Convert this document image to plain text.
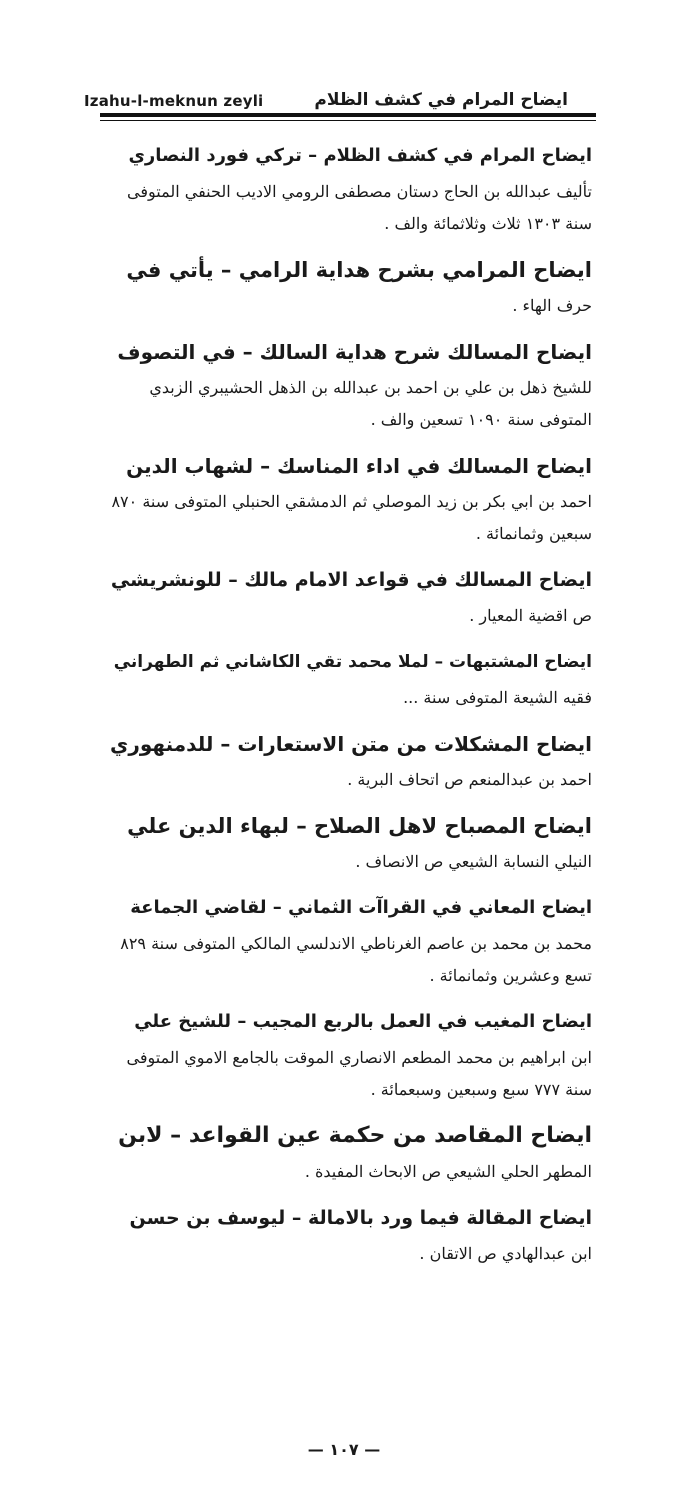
Izahu-l-meknun zeyli	ايضاح المرام في كشف الظلام
ايضاح المرام في كشف الظلام – تركي فورد النصاري
تأليف عبدالله بن الحاج دستان مصطفى الرومي الاديب الحنفي المتوفى سنة ١٣٠٣ ثلاث وثلاثمائة والف .
ايضاح المرامي بشرح هداية الرامي – يأتي في
حرف الهاء .
ايضاح المسالك شرح هداية السالك – في التصوف
للشيخ ذهل بن علي بن احمد بن عبدالله بن الذهل الحشيبري الزبدي المتوفى سنة ١٠٩٠ تسعين والف .
ايضاح المسالك في اداء المناسك – لشهاب الدين
احمد بن ابي بكر بن زيد الموصلي ثم الدمشقي الحنبلي المتوفى سنة ٨٧٠ سبعين وثمانمائة .
ايضاح المسالك في قواعد الامام مالك – للونشريشي
ص اقضية المعيار .
ايضاح المشتبهات – لملا محمد تقي الكاشاني ثم الطهراني
فقيه الشيعة المتوفى سنة ...
ايضاح المشكلات من متن الاستعارات – للدمنهوري
احمد بن عبدالمنعم ص اتحاف البرية .
ايضاح المصباح لاهل الصلاح – لبهاء الدين علي
النيلي النسابة الشيعي ص الانصاف .
ايضاح المعاني في القراآت الثماني – لقاضي الجماعة
محمد بن محمد بن عاصم الغرناطي الاندلسي المالكي المتوفى سنة ٨٢٩ تسع وعشرين وثمانمائة .
ايضاح المغيب في العمل بالربع المجيب – للشيخ علي
ابن ابراهيم بن محمد المطعم الانصاري الموقت بالجامع الاموي المتوفى سنة ٧٧٧ سبع وسبعين وسبعمائة .
ايضاح المقاصد من حكمة عين القواعد – لابن
المطهر الحلي الشيعي ص الابحاث المفيدة .
ايضاح المقالة فيما ورد بالامالة – ليوسف بن حسن
ابن عبدالهادي ص الاتقان .
— ١٠٧ —
